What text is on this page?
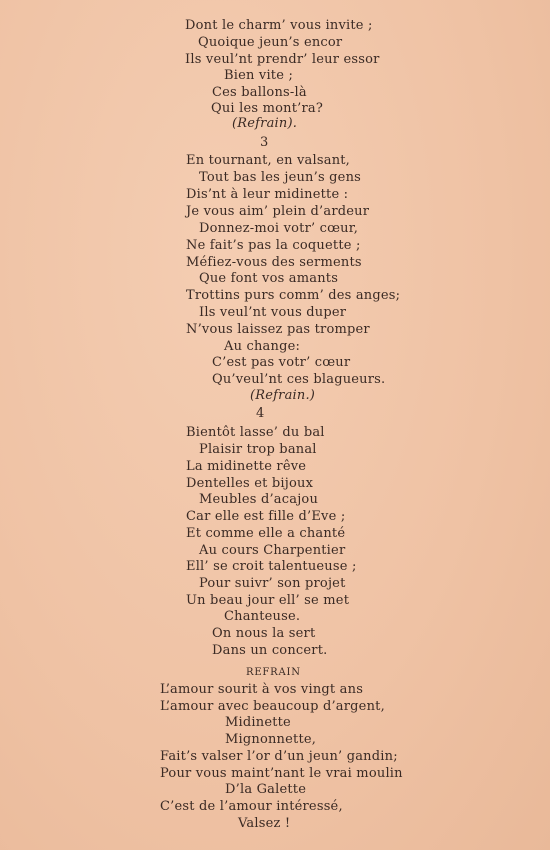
Dont le charm’ vous invite ;
Quoique jeun’s encor
Ils veul’nt prendr’ leur essor
Bien vite ;
Ces ballons-là
Qui les mont’ra?
(Refrain).
3
En tournant, en valsant,
Tout bas les jeun’s gens
Dis’nt à leur midinette :
Je vous aim’ plein d’ardeur
Donnez-moi votr’ cœur,
Ne fait’s pas la coquette ;
Méfiez-vous des serments
Que font vos amants
Trottins purs comm’ des anges;
Ils veul’nt vous duper
N’vous laissez pas tromper
Au change:
C’est pas votr’ cœur
Qu’veul’nt ces blagueurs.
(Refrain.)
4
Bientôt lasse’ du bal
Plaisir trop banal
La midinette rêve
Dentelles et bijoux
Meubles d’acajou
Car elle est fille d’Eve ;
Et comme elle a chanté
Au cours Charpentier
Ell’ se croit talentueuse ;
Pour suivr’ son projet
Un beau jour ell’ se met
Chanteuse.
On nous la sert
Dans un concert.
REFRAIN
L’amour sourit à vos vingt ans
L’amour avec beaucoup d’argent,
Midinette
Mignonnette,
Fait’s valser l’or d’un jeun’ gandin;
Pour vous maint’nant le vrai moulin
D’la Galette
C’est de l’amour intéressé,
Valsez !
